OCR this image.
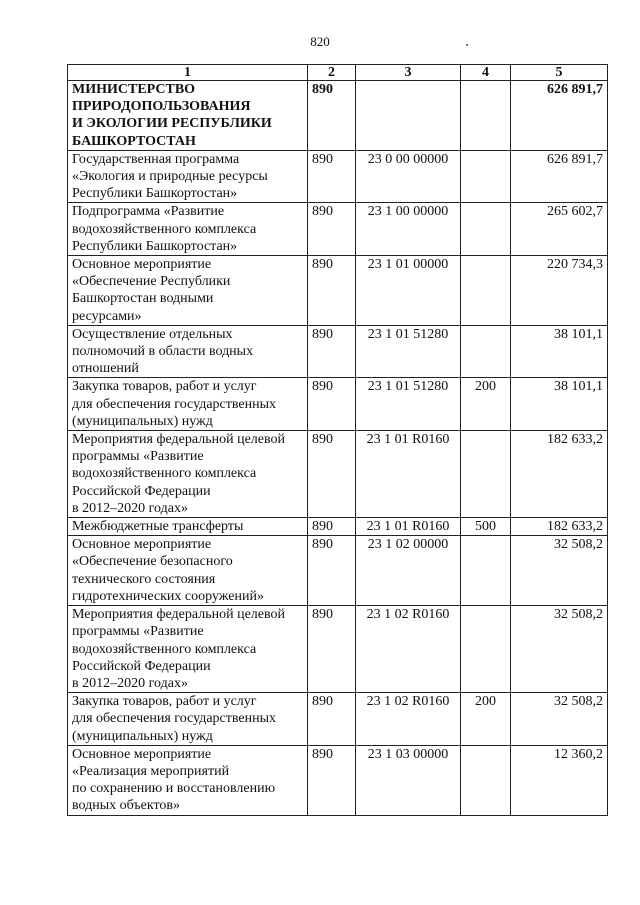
820
1	2	3	4	5

МИНИСТЕРСТВО
ПРИРОДОПОЛЬЗОВАНИЯ
И ЭКОЛОГИИ РЕСПУБЛИКИ
БАШКОРТОСТАН	890			626 891,7

Государственная программа
«Экология и природные ресурсы
Республики Башкортостан»	890	23 0 00 00000		626 891,7

Подпрограмма «Развитие
водохозяйственного комплекса
Республики Башкортостан»	890	23 1 00 00000		265 602,7

Основное мероприятие
«Обеспечение Республики
Башкортостан водными
ресурсами»	890	23 1 01 00000		220 734,3

Осуществление отдельных
полномочий в области водных
отношений	890	23 1 01 51280		38 101,1

Закупка товаров, работ и услуг
для обеспечения государственных
(муниципальных) нужд	890	23 1 01 51280	200	38 101,1

Мероприятия федеральной целевой
программы «Развитие
водохозяйственного комплекса
Российской Федерации
в 2012–2020 годах»	890	23 1 01 R0160		182 633,2

Межбюджетные трансферты	890	23 1 01 R0160	500	182 633,2

Основное мероприятие
«Обеспечение безопасного
технического состояния
гидротехнических сооружений»	890	23 1 02 00000		32 508,2

Мероприятия федеральной целевой
программы «Развитие
водохозяйственного комплекса
Российской Федерации
в 2012–2020 годах»	890	23 1 02 R0160		32 508,2

Закупка товаров, работ и услуг
для обеспечения государственных
(муниципальных) нужд	890	23 1 02 R0160	200	32 508,2

Основное мероприятие
«Реализация мероприятий
по сохранению и восстановлению
водных объектов»	890	23 1 03 00000		12 360,2
